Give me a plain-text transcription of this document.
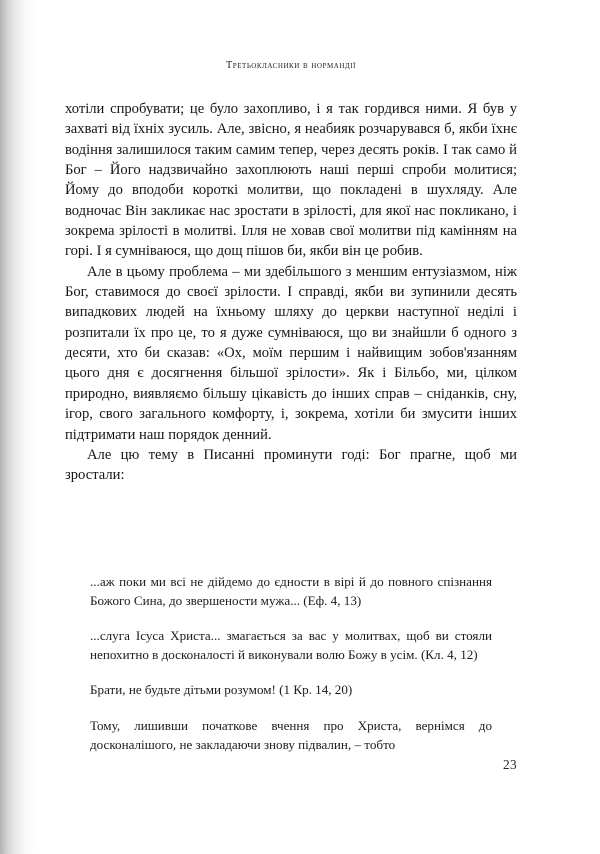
Третьокласники в нормандії

хотіли спробувати; це було захопливо, і я так гордився ними. Я був у захваті від їхніх зусиль. Але, звісно, я неабияк розчарувався б, якби їхнє водіння залишилося таким самим тепер, через десять років. І так само й Бог – Його надзвичайно захоплюють наші перші спроби молитися; Йому до вподоби короткі молитви, що покладені в шухляду. Але водночас Він закликає нас зростати в зрілості, для якої нас покликано, і зокрема зрілості в молитві. Ілля не ховав свої молитви під камінням на горі. І я сумніваюся, що дощ пішов би, якби він це робив.

Але в цьому проблема – ми здебільшого з меншим ентузіазмом, ніж Бог, ставимося до своєї зрілости. І справді, якби ви зупинили десять випадкових людей на їхньому шляху до церкви наступної неділі і розпитали їх про це, то я дуже сумніваюся, що ви знайшли б одного з десяти, хто би сказав: «Ох, моїм першим і найвищим зобов'язанням цього дня є досягнення більшої зрілости». Як і Більбо, ми, цілком природно, виявляємо більшу цікавість до інших справ – сніданків, сну, ігор, свого загального комфорту, і, зокрема, хотіли би змусити інших підтримати наш порядок денний.

Але цю тему в Писанні проминути годі: Бог прагне, щоб ми зростали:

...аж поки ми всі не дійдемо до єдности в вірі й до повного спізнання Божого Сина, до звершености мужа... (Еф. 4, 13)

...слуга Ісуса Христа... змагається за вас у молитвах, щоб ви стояли непохитно в досконалості й виконували волю Божу в усім. (Кл. 4, 12)

Брати, не будьте дітьми розумом! (1 Кр. 14, 20)

Тому, лишивши початкове вчення про Христа, вернімся до досконалішого, не закладаючи знову підвалин, – тобто

23
